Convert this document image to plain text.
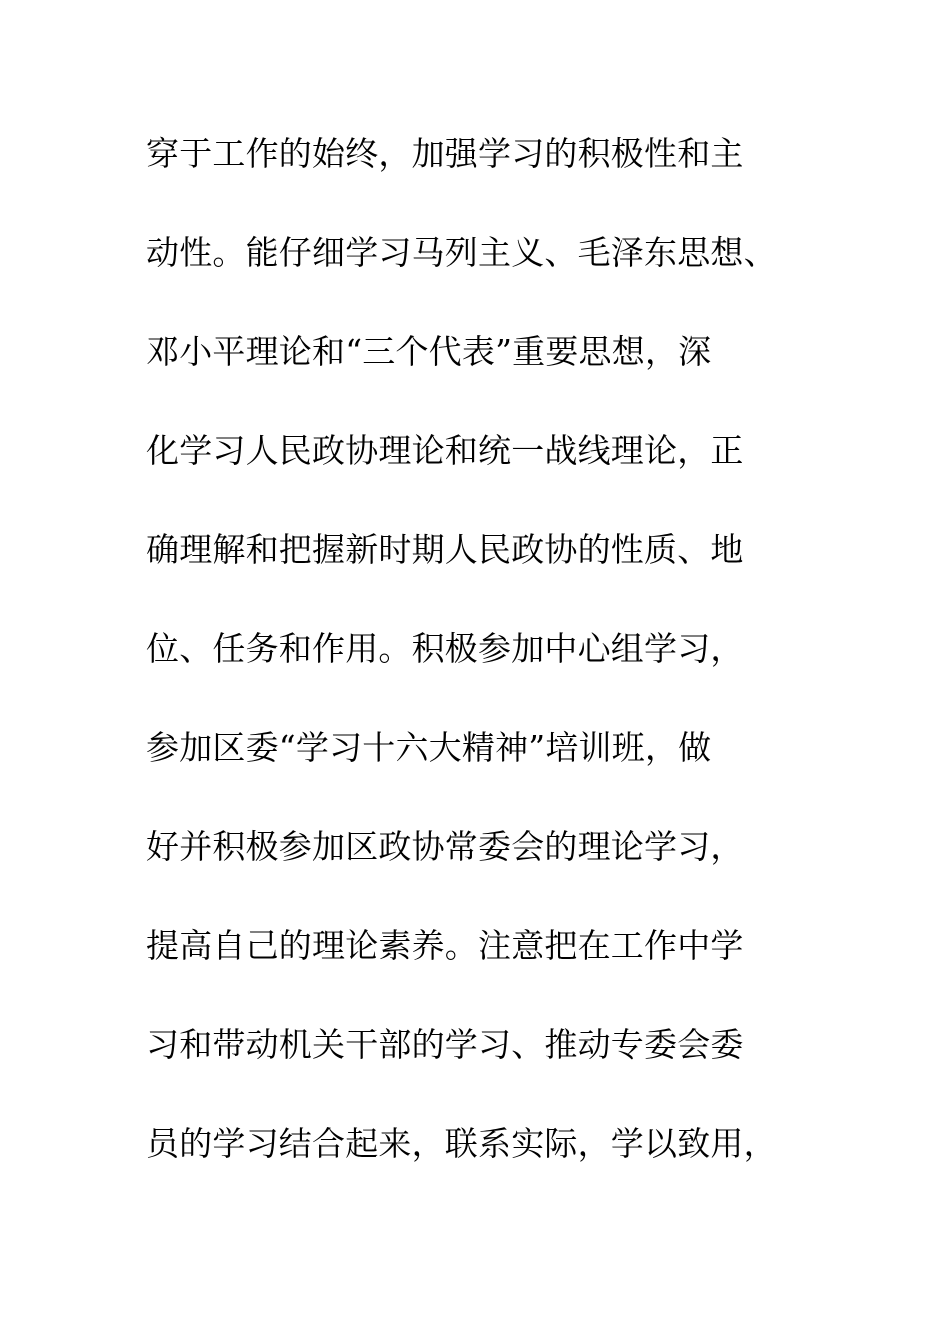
穿于工作的始终，加强学习的积极性和主
动性。能仔细学习马列主义、毛泽东思想、
邓小平理论和“三个代表”重要思想，深
化学习人民政协理论和统一战线理论，正
确理解和把握新时期人民政协的性质、地
位、任务和作用。积极参加中心组学习，
参加区委“学习十六大精神”培训班，做
好并积极参加区政协常委会的理论学习，
提高自己的理论素养。注意把在工作中学
习和带动机关干部的学习、推动专委会委
员的学习结合起来，联系实际，学以致用，
